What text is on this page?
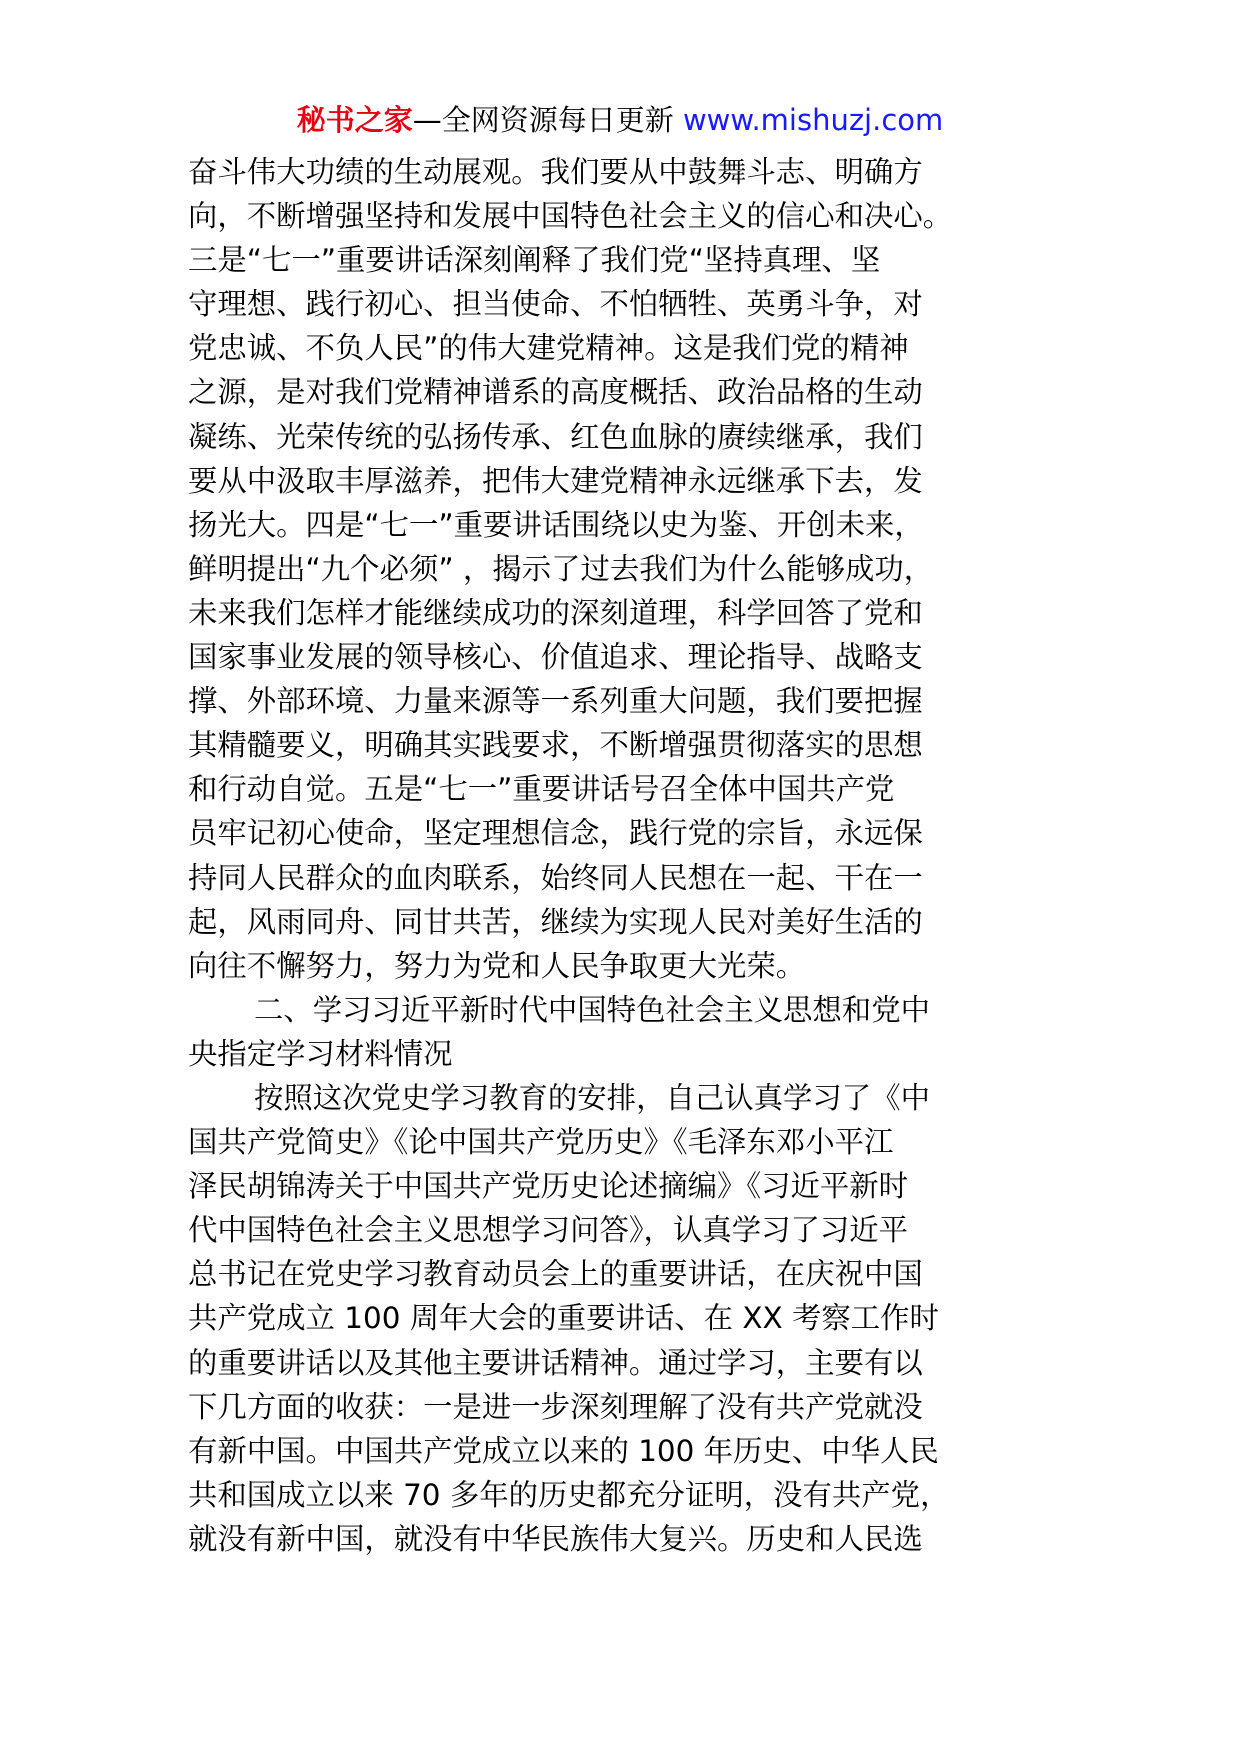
秘书之家—全网资源每日更新 www.mishuzj.com
奋斗伟大功绩的生动展观。我们要从中鼓舞斗志、明确方
向，不断增强坚持和发展中国特色社会主义的信心和决心。
三是“七一”重要讲话深刻阐释了我们党“坚持真理、坚
守理想、践行初心、担当使命、不怕牺牲、英勇斗争，对
党忠诚、不负人民”的伟大建党精神。这是我们党的精神
之源，是对我们党精神谱系的高度概括、政治品格的生动
凝练、光荣传统的弘扬传承、红色血脉的赓续继承，我们
要从中汲取丰厚滋养，把伟大建党精神永远继承下去，发
扬光大。四是“七一”重要讲话围绕以史为鉴、开创未来，
鲜明提出“九个必须” ，揭示了过去我们为什么能够成功，
未来我们怎样才能继续成功的深刻道理，科学回答了党和
国家事业发展的领导核心、价值追求、理论指导、战略支
撑、外部环境、力量来源等一系列重大问题，我们要把握
其精髓要义，明确其实践要求，不断增强贯彻落实的思想
和行动自觉。五是“七一”重要讲话号召全体中国共产党
员牢记初心使命，坚定理想信念，践行党的宗旨，永远保
持同人民群众的血肉联系，始终同人民想在一起、干在一
起，风雨同舟、同甘共苦，继续为实现人民对美好生活的
向往不懈努力，努力为党和人民争取更大光荣。
二、学习习近平新时代中国特色社会主义思想和党中
央指定学习材料情况
按照这次党史学习教育的安排，自己认真学习了《中
国共产党简史》《论中国共产党历史》《毛泽东邓小平江
泽民胡锦涛关于中国共产党历史论述摘编》《习近平新时
代中国特色社会主义思想学习问答》，认真学习了习近平
总书记在党史学习教育动员会上的重要讲话，在庆祝中国
共产党成立 100 周年大会的重要讲话、在 XX 考察工作时
的重要讲话以及其他主要讲话精神。通过学习，主要有以
下几方面的收获：一是进一步深刻理解了没有共产党就没
有新中国。中国共产党成立以来的 100 年历史、中华人民
共和国成立以来 70 多年的历史都充分证明，没有共产党，
就没有新中国，就没有中华民族伟大复兴。历史和人民选
